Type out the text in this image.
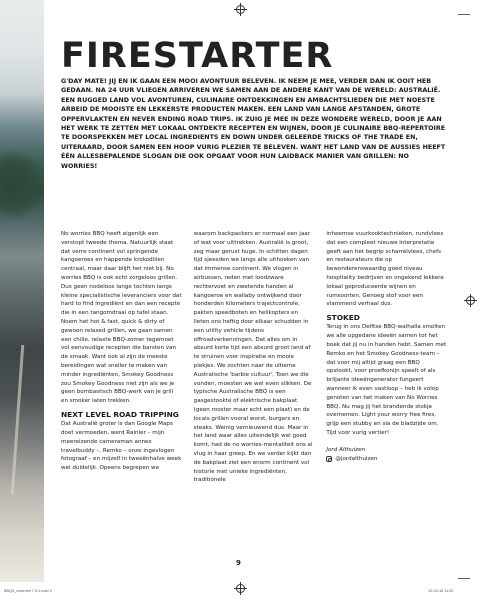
FIRESTARTER

G'DAY MATE! JIJ EN IK GAAN EEN MOOI AVONTUUR BELEVEN. IK NEEM JE MEE, VERDER DAN IK OOIT HEB GEDAAN. NA 24 UUR VLIEGEN ARRIVEREN WE SAMEN AAN DE ANDERE KANT VAN DE WERELD: AUSTRALIË. EEN RUGGED LAND VOL AVONTUREN, CULINAIRE ONTDEKKINGEN EN AMBACHTSLIEDEN DIE MET NOESTE ARBEID DE MOOISTE EN LEKKERSTE PRODUCTEN MAKEN. EEN LAND VAN LANGE AFSTANDEN, GROTE OPPERVLAKTEN EN NEVER ENDING ROAD TRIPS. IK ZUIG JE MEE IN DEZE WONDERE WERELD, DOOR JE AAN HET WERK TE ZETTEN MET LOKAAL ONTDEKTE RECEPTEN EN WIJNEN, DOOR JE CULINAIRE BBQ-REPERTOIRE TE DOORSPEKKEN MET LOCAL INGREDIENTS EN DOWN UNDER GELEERDE TRICKS OF THE TRADE EN, UITERAARD, DOOR SAMEN EEN HOOP VURIG PLEZIER TE BELEVEN. WANT HET LAND VAN DE AUSSIES HEEFT ÉÉN ALLESBEPALENDE SLOGAN DIE OOK OPGAAT VOOR HUN LAIDBACK MANIER VAN GRILLEN: NO WORRIES!

No worries BBQ heeft eigenlijk een verstopt tweede thema. Natuurlijk staat dat verre continent vol springende kangoeroes en happende krokodillen centraal, maar daar blijft het niet bij. No worries BBQ is ook echt zorgeloos grillen. Dus geen nodeloos lange tochten langs kleine specialistische leveranciers voor dat hard to find ingrediënt en dan een recepte die in een tangomdraai op tafel staan. Noem het hot & fast, quick & dirty of gewoon relaxed grillen, we gaan samen een chille, relaxte BBQ-zomer tegemoet vol eenvoudige recepten die barsten van de smaak. Want ook al zijn de meeste bereidingen wat sneller te maken van minder ingrediënten, Smokey Goodness zou Smokey Goodness niet zijn als we je geen bombastisch BBQ-werk van je grill en smoker laten trekken.

NEXT LEVEL ROAD TRIPPING

Dat Australië groter is dan Google Maps doet vermoeden, werd Rainier – mijn meereizende cameraman annex travelbuddy –, Remko – onze ingevlogen fotograaf – en mijzelf in tweeënhalve week wel duidelijk. Opeens begrepen we

waarom backpackers er normaal een jaar of wat voor uittrekken. Australië is groot, zeg maar gerust huge. In schitten dagen tijd sjeesden we langs alle uithoeken van dat immense continent. We vlogen in airbussen, reden met loodzware rechtervoet en zwetende handen al kangoeroe en wallaby ontwijkend door honderden kilometers trajectcontrole, pakten speedboten en helikopters en lieten ons heftig door elkaar schudden in een utility vehicle tijdens offroadverkenningen. Dat alles om in absurd korte tijd een absurd groot land af te struinen voor inspiratie en mooie plekjes. We zochten naar de ultieme Australische 'barbie cultuur'. Toen we die vonden, moesten we wel even slikken. De typische Australische BBQ is een gasgestookte of elektrische bakplaat (geen rooster maar echt een plaat) en de locals grillen vooral worst, burgers en steaks. Weinig vernieuwend dus. Maar in het land waar alles uiteindelijk wel goed komt, had de no worries-mentaliteit ons al vlug in haar greep. En we verder kijkt dan de bakplaat ziet een enorm continent vol historie met unieke ingrediënten, traditionele

inheemse vuurkooktechnieken, rundvlees dat een compleet nieuwe interpretatie geeft aan het begrip scharrelvlees, chefs en restaurateurs die op bewonderenswaardig goed niveau hospitality bedrijven en ongekend lekkere lokaal geproduceerde wijnen en rumsoorten. Genoeg stof voor een vlammend verhaal dus.

STOKED

Terug in ons Delftse BBQ-walhalla smolten we alle opgedane ideeën samen tot het boek dat jij nu in handen hebt. Samen met Remko en het Smokey Goodness-team – dat voor mij altijd graag een BBQ opstookt, voor proefkonijn speelt of als briljante ideeëngenerator fungeert wanneer ik even vastloop – heb ik volop genoten van het maken van No Worries BBQ. Nu mag jij het brandende stokje overnemen. Light your worry free fires, grijp een stubby en sla de bladzijde om. Tijd voor vurig vertier!

Jord Althuizen

@jordalthuizen

9
BBQ3_nowrries 7-9.1.indd 9	12-03-18 11:32
